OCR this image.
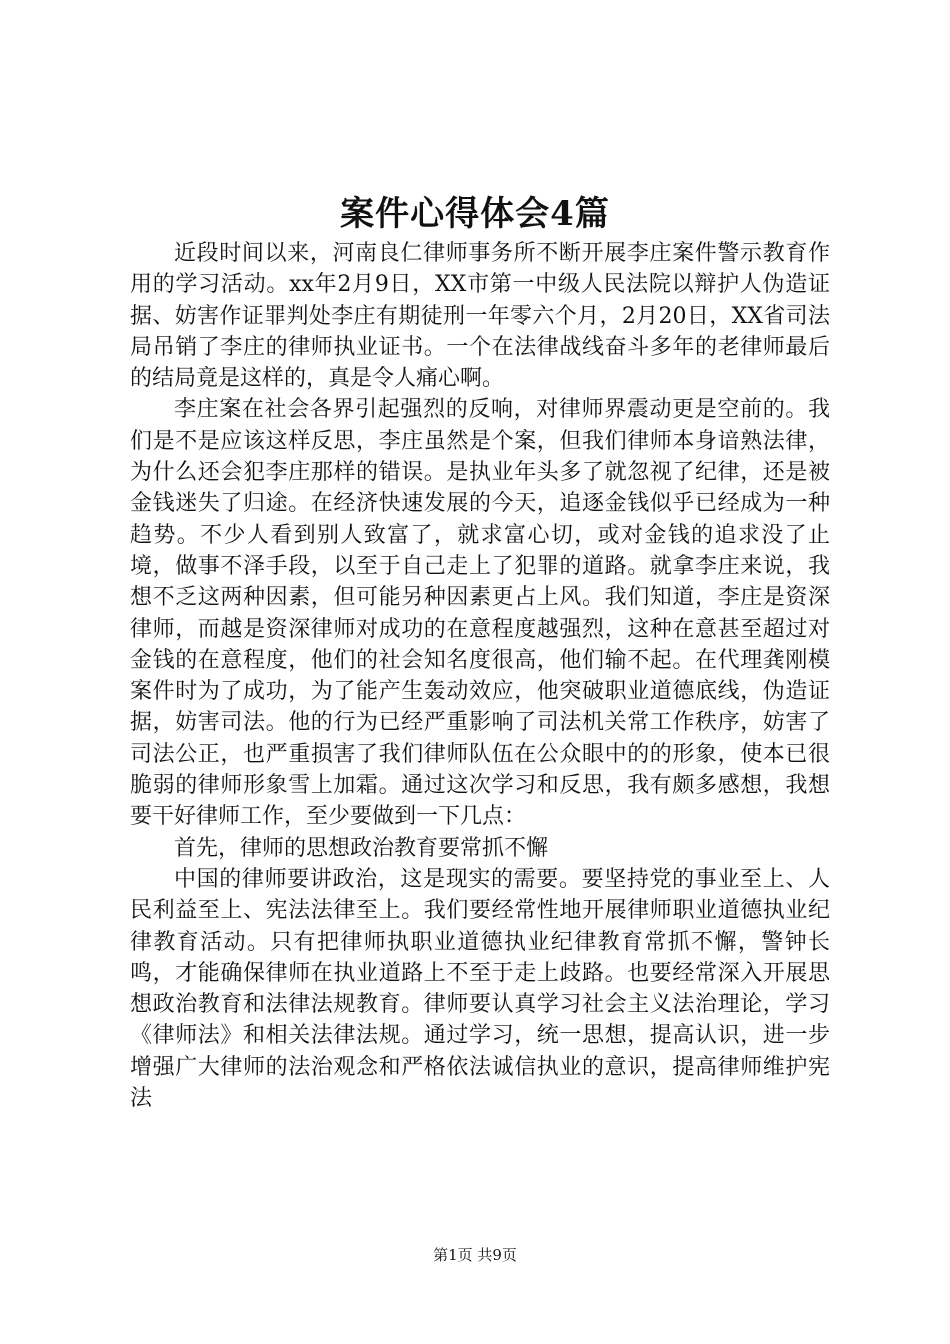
案件心得体会4篇

近段时间以来，河南良仁律师事务所不断开展李庄案件警示教育作用的学习活动。xx年2月9日，XX市第一中级人民法院以辩护人伪造证据、妨害作证罪判处李庄有期徒刑一年零六个月，2月20日，XX省司法局吊销了李庄的律师执业证书。一个在法律战线奋斗多年的老律师最后的结局竟是这样的，真是令人痛心啊。

李庄案在社会各界引起强烈的反响，对律师界震动更是空前的。我们是不是应该这样反思，李庄虽然是个案，但我们律师本身谙熟法律，为什么还会犯李庄那样的错误。是执业年头多了就忽视了纪律，还是被金钱迷失了归途。在经济快速发展的今天，追逐金钱似乎已经成为一种趋势。不少人看到别人致富了，就求富心切，或对金钱的追求没了止境，做事不泽手段，以至于自己走上了犯罪的道路。就拿李庄来说，我想不乏这两种因素，但可能另种因素更占上风。我们知道，李庄是资深律师，而越是资深律师对成功的在意程度越强烈，这种在意甚至超过对金钱的在意程度，他们的社会知名度很高，他们输不起。在代理龚刚模案件时为了成功，为了能产生轰动效应，他突破职业道德底线，伪造证据，妨害司法。他的行为已经严重影响了司法机关常工作秩序，妨害了司法公正，也严重损害了我们律师队伍在公众眼中的的形象，使本已很脆弱的律师形象雪上加霜。通过这次学习和反思，我有颇多感想，我想要干好律师工作，至少要做到一下几点：

首先，律师的思想政治教育要常抓不懈

中国的律师要讲政治，这是现实的需要。要坚持党的事业至上、人民利益至上、宪法法律至上。我们要经常性地开展律师职业道德执业纪律教育活动。只有把律师执职业道德执业纪律教育常抓不懈，警钟长鸣，才能确保律师在执业道路上不至于走上歧路。也要经常深入开展思想政治教育和法律法规教育。律师要认真学习社会主义法治理论，学习《律师法》和相关法律法规。通过学习，统一思想，提高认识，进一步增强广大律师的法治观念和严格依法诚信执业的意识，提高律师维护宪法

第1页 共9页
